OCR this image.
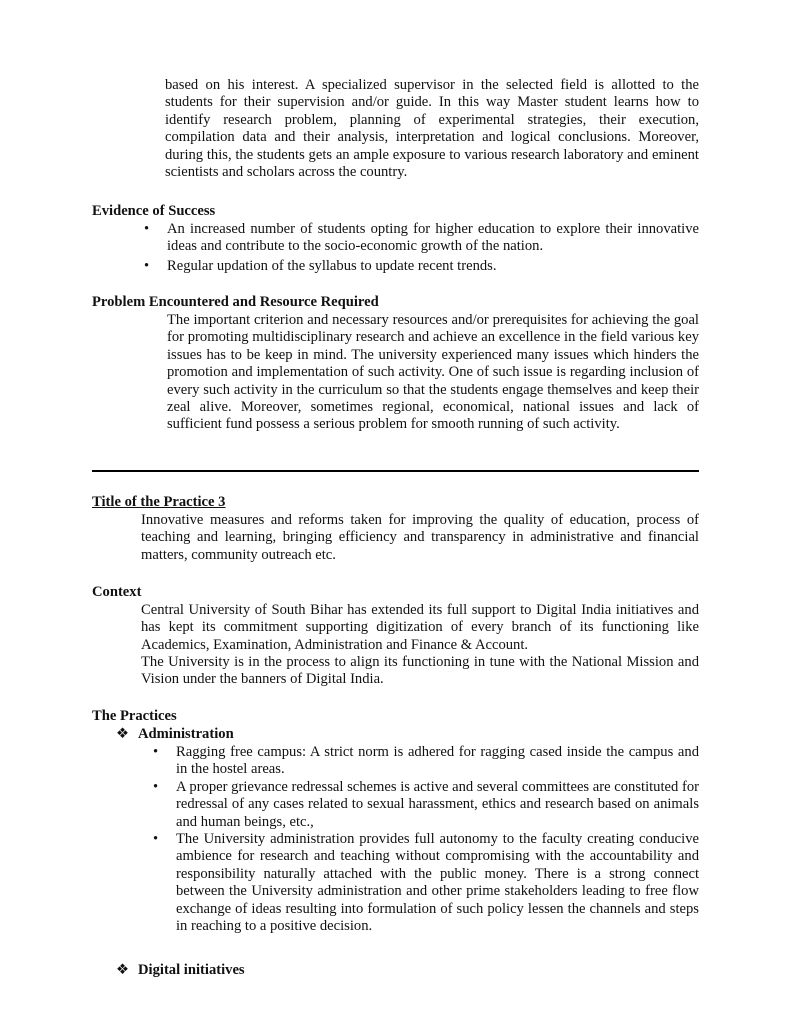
based on his interest. A specialized supervisor in the selected field is allotted to the students for their supervision and/or guide. In this way Master student learns how to identify research problem, planning of experimental strategies, their execution, compilation data and their analysis, interpretation and logical conclusions. Moreover, during this, the students gets an ample exposure to various research laboratory and eminent scientists and scholars across the country.
Evidence of Success
• An increased number of students opting for higher education to explore their innovative ideas and contribute to the socio-economic growth of the nation.
• Regular updation of the syllabus to update recent trends.
Problem Encountered and Resource Required
The important criterion and necessary resources and/or prerequisites for achieving the goal for promoting multidisciplinary research and achieve an excellence in the field various key issues has to be keep in mind. The university experienced many issues which hinders the promotion and implementation of such activity. One of such issue is regarding inclusion of every such activity in the curriculum so that the students engage themselves and keep their zeal alive. Moreover, sometimes regional, economical, national issues and lack of sufficient fund possess a serious problem for smooth running of such activity.
Title of the Practice 3
Innovative measures and reforms taken for improving the quality of education, process of teaching and learning, bringing efficiency and transparency in administrative and financial matters, community outreach etc.
Context
Central University of South Bihar has extended its full support to Digital India initiatives and has kept its commitment supporting digitization of every branch of its functioning like Academics, Examination, Administration and Finance & Account.
The University is in the process to align its functioning in tune with the National Mission and Vision under the banners of Digital India.
The Practices
❖ Administration
• Ragging free campus: A strict norm is adhered for ragging cased inside the campus and in the hostel areas.
• A proper grievance redressal schemes is active and several committees are constituted for redressal of any cases related to sexual harassment, ethics and research based on animals and human beings, etc.,
• The University administration provides full autonomy to the faculty creating conducive ambience for research and teaching without compromising with the accountability and responsibility naturally attached with the public money. There is a strong connect between the University administration and other prime stakeholders leading to free flow exchange of ideas resulting into formulation of such policy lessen the channels and steps in reaching to a positive decision.
❖ Digital initiatives
